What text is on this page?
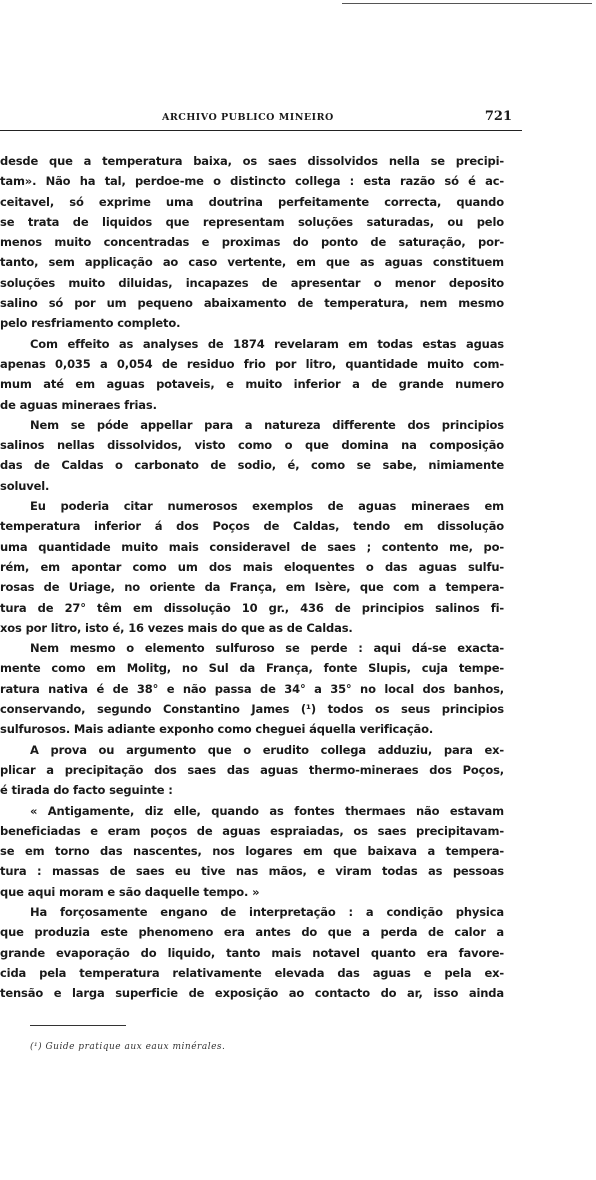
ARCHIVO PUBLICO MINEIRO	721
desde que a temperatura baixa, os saes dissolvidos nella se precipi-
tam». Não ha tal, perdoe-me o distincto collega : esta razão só é ac-
ceitavel, só exprime uma doutrina perfeitamente correcta, quando
se trata de liquidos que representam soluções saturadas, ou pelo
menos muito concentradas e proximas do ponto de saturação, por-
tanto, sem applicação ao caso vertente, em que as aguas constituem
soluções muito diluidas, incapazes de apresentar o menor deposito
salino só por um pequeno abaixamento de temperatura, nem mesmo
pelo resfriamento completo.
Com effeito as analyses de 1874 revelaram em todas estas aguas
apenas 0,035 a 0,054 de residuo frio por litro, quantidade muito com-
mum até em aguas potaveis, e muito inferior a de grande numero
de aguas mineraes frias.
Nem se póde appellar para a natureza differente dos principios
salinos nellas dissolvidos, visto como o que domina na composição
das de Caldas o carbonato de sodio, é, como se sabe, nimiamente
soluvel.
Eu poderia citar numerosos exemplos de aguas mineraes em
temperatura inferior á dos Poços de Caldas, tendo em dissolução
uma quantidade muito mais consideravel de saes ; contento me, po-
rém, em apontar como um dos mais eloquentes o das aguas sulfu-
rosas de Uriage, no oriente da França, em Isère, que com a tempera-
tura de 27° têm em dissolução 10 gr., 436 de principios salinos fi-
xos por litro, isto é, 16 vezes mais do que as de Caldas.
Nem mesmo o elemento sulfuroso se perde : aqui dá-se exacta-
mente como em Molitg, no Sul da França, fonte Slupis, cuja tempe-
ratura nativa é de 38° e não passa de 34° a 35° no local dos banhos,
conservando, segundo Constantino James (¹) todos os seus principios
sulfurosos. Mais adiante exponho como cheguei áquella verificação.
A prova ou argumento que o erudito collega adduziu, para ex-
plicar a precipitação dos saes das aguas thermo-mineraes dos Poços,
é tirada do facto seguinte :
« Antigamente, diz elle, quando as fontes thermaes não estavam
beneficiadas e eram poços de aguas espraiadas, os saes precipitavam-
se em torno das nascentes, nos logares em que baixava a tempera-
tura : massas de saes eu tive nas mãos, e viram todas as pessoas
que aqui moram e são daquelle tempo. »
Ha forçosamente engano de interpretação : a condição physica
que produzia este phenomeno era antes do que a perda de calor a
grande evaporação do liquido, tanto mais notavel quanto era favore-
cida pela temperatura relativamente elevada das aguas e pela ex-
tensão e larga superficie de exposição ao contacto do ar, isso ainda
(¹) Guide pratique aux eaux minérales.
